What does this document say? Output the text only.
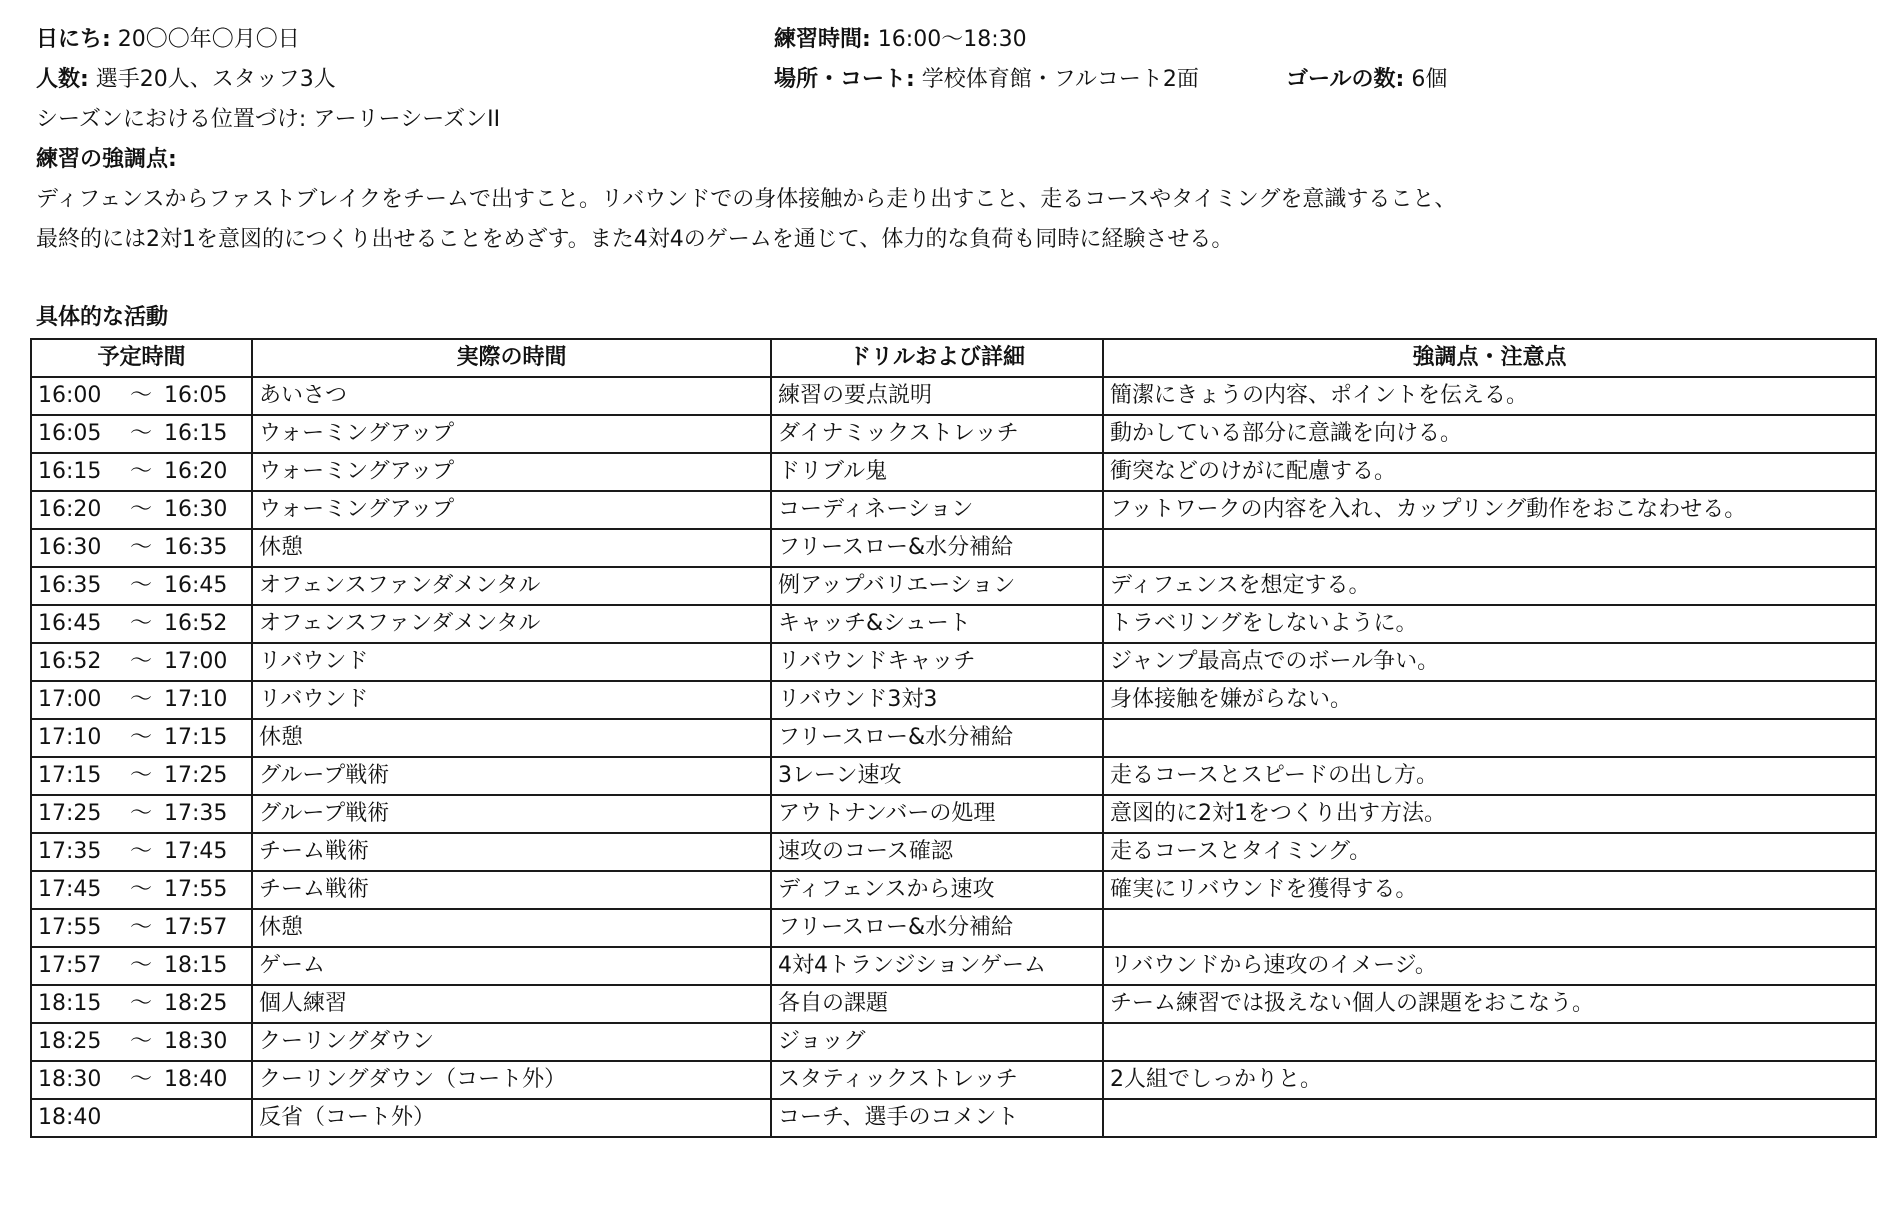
日にち: 20〇〇年〇月〇日	練習時間: 16:00〜18:30
人数: 選手20人、スタッフ3人	場所・コート: 学校体育館・フルコート2面	ゴールの数: 6個
シーズンにおける位置づけ: アーリーシーズンII
練習の強調点:
ディフェンスからファストブレイクをチームで出すこと。リバウンドでの身体接触から走り出すこと、走るコースやタイミングを意識すること、
最終的には2対1を意図的につくり出せることをめざす。また4対4のゲームを通じて、体力的な負荷も同時に経験させる。
具体的な活動
予定時間	実際の時間	ドリルおよび詳細	強調点・注意点
16:00 〜 16:05	あいさつ	練習の要点説明	簡潔にきょうの内容、ポイントを伝える。
16:05 〜 16:15	ウォーミングアップ	ダイナミックストレッチ	動かしている部分に意識を向ける。
16:15 〜 16:20	ウォーミングアップ	ドリブル鬼	衝突などのけがに配慮する。
16:20 〜 16:30	ウォーミングアップ	コーディネーション	フットワークの内容を入れ、カップリング動作をおこなわせる。
16:30 〜 16:35	休憩	フリースロー&水分補給	
16:35 〜 16:45	オフェンスファンダメンタル	例アップバリエーション	ディフェンスを想定する。
16:45 〜 16:52	オフェンスファンダメンタル	キャッチ&シュート	トラベリングをしないように。
16:52 〜 17:00	リバウンド	リバウンドキャッチ	ジャンプ最高点でのボール争い。
17:00 〜 17:10	リバウンド	リバウンド3対3	身体接触を嫌がらない。
17:10 〜 17:15	休憩	フリースロー&水分補給	
17:15 〜 17:25	グループ戦術	3レーン速攻	走るコースとスピードの出し方。
17:25 〜 17:35	グループ戦術	アウトナンバーの処理	意図的に2対1をつくり出す方法。
17:35 〜 17:45	チーム戦術	速攻のコース確認	走るコースとタイミング。
17:45 〜 17:55	チーム戦術	ディフェンスから速攻	確実にリバウンドを獲得する。
17:55 〜 17:57	休憩	フリースロー&水分補給	
17:57 〜 18:15	ゲーム	4対4トランジションゲーム	リバウンドから速攻のイメージ。
18:15 〜 18:25	個人練習	各自の課題	チーム練習では扱えない個人の課題をおこなう。
18:25 〜 18:30	クーリングダウン	ジョッグ	
18:30 〜 18:40	クーリングダウン（コート外）	スタティックストレッチ	2人組でしっかりと。
18:40	反省（コート外）	コーチ、選手のコメント	
